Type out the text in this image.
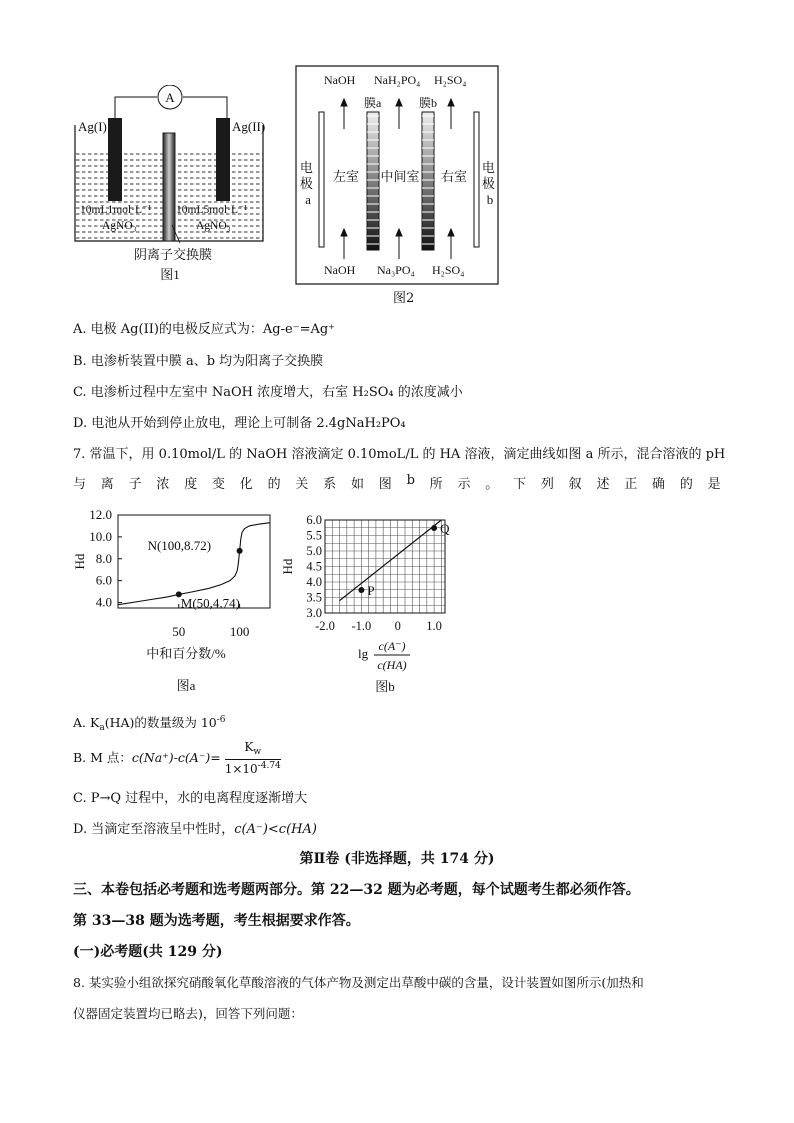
A
Ag(I)	Ag(II)
10mL1mol·L⁻¹
AgNO₃
10mL5mol·L⁻¹
AgNO₃
阴离子交换膜
图1
NaOH NaH₂PO₄ H₂SO₄
膜a	膜b
电 极 a
电 极 b
左室 中间室 右室
NaOH Na₃PO₄ H₂SO₄
图2
A. 电极 Ag(II)的电极反应式为：Ag-e⁻=Ag⁺
B. 电渗析装置中膜 a、b 均为阳离子交换膜
C. 电渗析过程中左室中 NaOH 浓度增大，右室 H₂SO₄ 的浓度减小
D. 电池从开始到停止放电，理论上可制备 2.4gNaH₂PO₄
7. 常温下，用 0.10mol/L 的 NaOH 溶液滴定 0.10moL/L 的 HA 溶液，滴定曲线如图 a 所示，混合溶液的 pH
与 离 子 浓 度 变 化 的 关 系 如 图 b 所 示 。 下 列 叙 述 正 确 的 是
4.0
6.0
8.0
10.0
12.0
50	100
N(100,8.72)
M(50,4.74)
Hd
中和百分数/%
图a
3.0
3.5
4.0
4.5
5.0
5.5
6.0
-2.0 -1.0 0 1.0
P
Q
Hd
lg c(A⁻)
c(HA)
图b
A. $K_a(HA)$的数量级为 $10^{-6}$
B. M 点：$c(Na^+)-c(A^-)= \frac{K_w}{1\times 10^{-4.74}}$
C. P→Q 过程中，水的电离程度逐渐增大
D. 当滴定至溶液呈中性时，c(A⁻)<c(HA)
第Ⅱ卷 (非选择题，共 174 分)
三、本卷包括必考题和选考题两部分。第 22—32 题为必考题，每个试题考生都必须作答。
第 33—38 题为选考题，考生根据要求作答。
(一)必考题(共 129 分)
8. 某实验小组欲探究硝酸氧化草酸溶液的气体产物及测定出草酸中碳的含量，设计装置如图所示(加热和
仪器固定装置均已略去)，回答下列问题：
